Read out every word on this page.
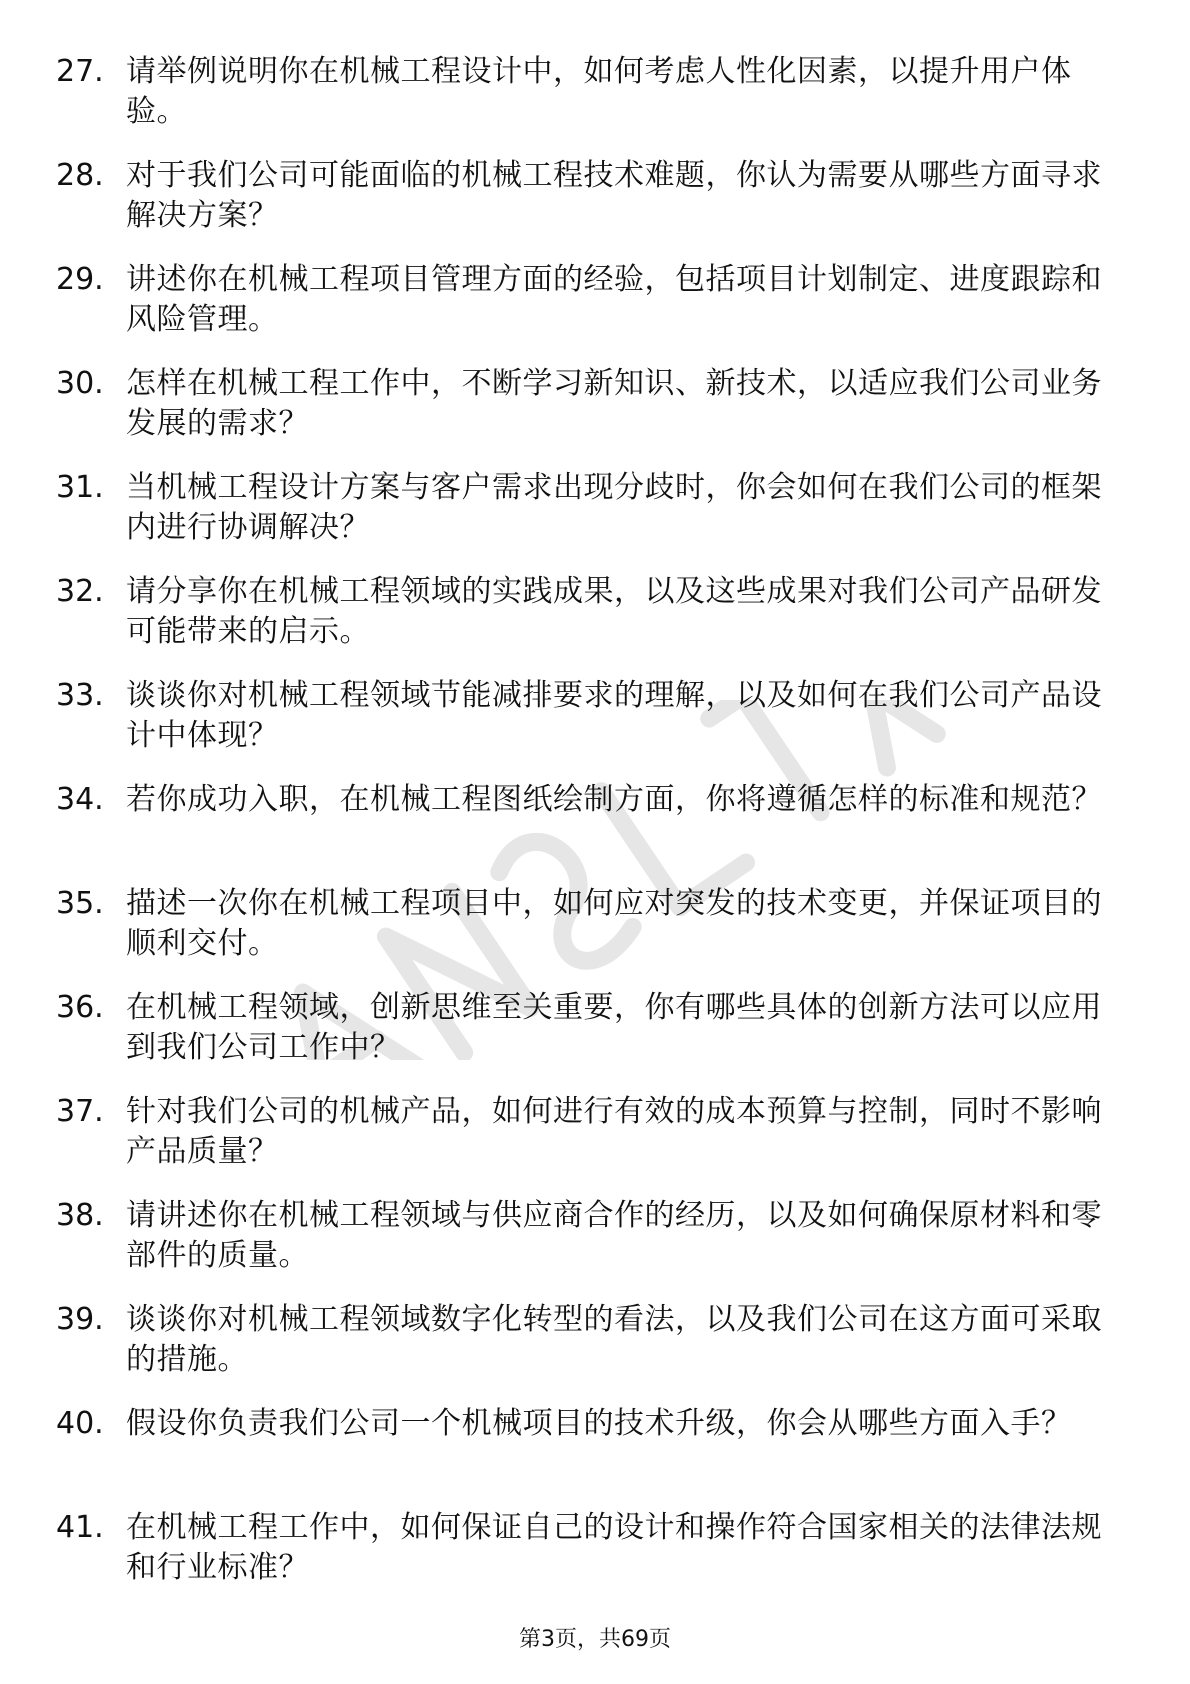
27. 请举例说明你在机械工程设计中，如何考虑人性化因素，以提升用户体验。
28. 对于我们公司可能面临的机械工程技术难题，你认为需要从哪些方面寻求解决方案？
29. 讲述你在机械工程项目管理方面的经验，包括项目计划制定、进度跟踪和风险管理。
30. 怎样在机械工程工作中，不断学习新知识、新技术，以适应我们公司业务发展的需求？
31. 当机械工程设计方案与客户需求出现分歧时，你会如何在我们公司的框架内进行协调解决？
32. 请分享你在机械工程领域的实践成果，以及这些成果对我们公司产品研发可能带来的启示。
33. 谈谈你对机械工程领域节能减排要求的理解，以及如何在我们公司产品设计中体现？
34. 若你成功入职，在机械工程图纸绘制方面，你将遵循怎样的标准和规范？
35. 描述一次你在机械工程项目中，如何应对突发的技术变更，并保证项目的顺利交付。
36. 在机械工程领域，创新思维至关重要，你有哪些具体的创新方法可以应用到我们公司工作中？
37. 针对我们公司的机械产品，如何进行有效的成本预算与控制，同时不影响产品质量？
38. 请讲述你在机械工程领域与供应商合作的经历，以及如何确保原材料和零部件的质量。
39. 谈谈你对机械工程领域数字化转型的看法，以及我们公司在这方面可采取的措施。
40. 假设你负责我们公司一个机械项目的技术升级，你会从哪些方面入手？
41. 在机械工程工作中，如何保证自己的设计和操作符合国家相关的法律法规和行业标准？
第3页，共69页
